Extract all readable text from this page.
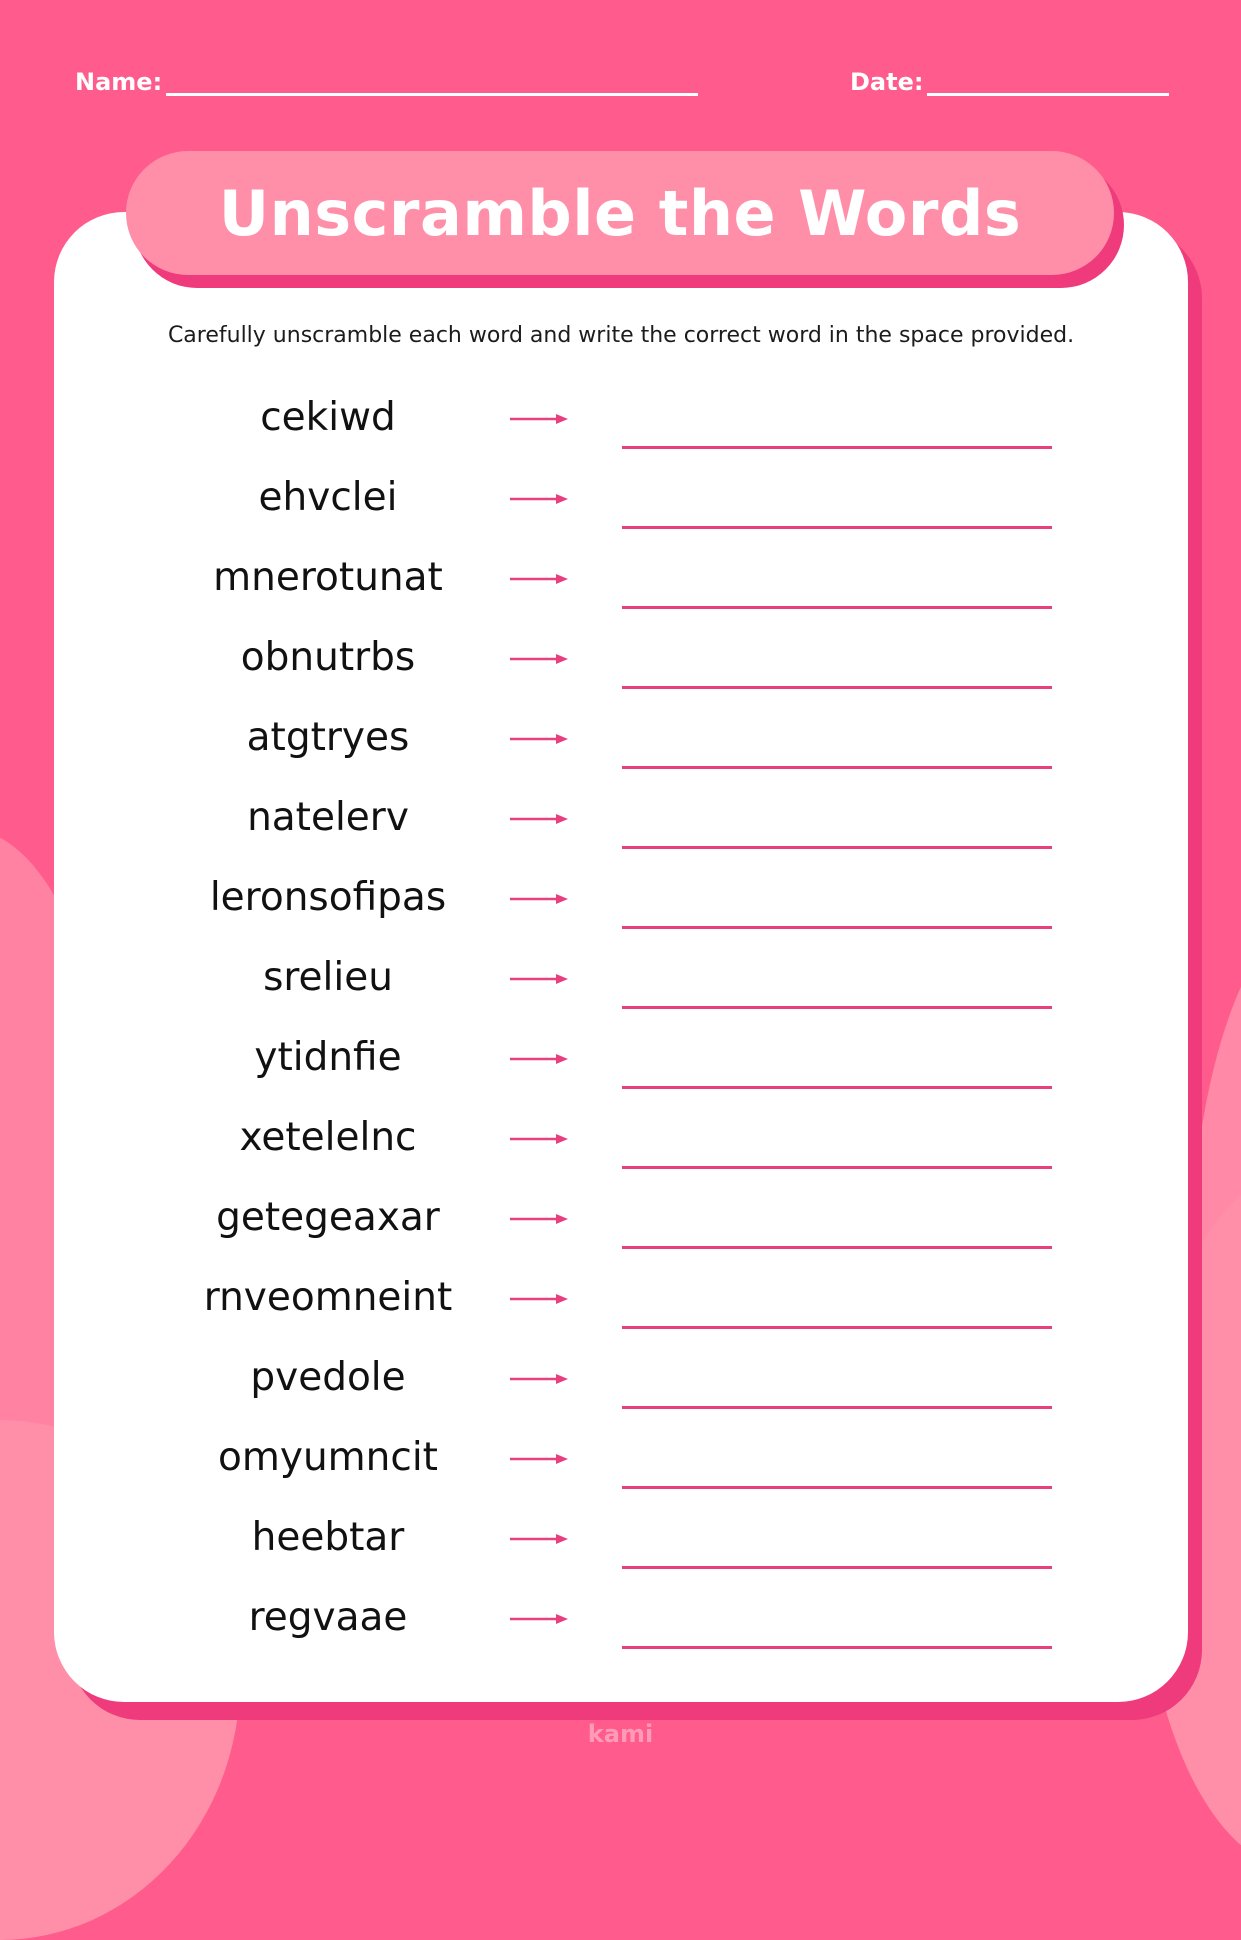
Name:	Date:
Unscramble the Words
Carefully unscramble each word and write the correct word in the space provided.
cekiwd
ehvclei
mnerotunat
obnutrbs
atgtryes
natelerv
leronsofipas
srelieu
ytidnfie
xetelelnc
getegeaxar
rnveomneint
pvedole
omyumncit
heebtar
regvaae
kami
